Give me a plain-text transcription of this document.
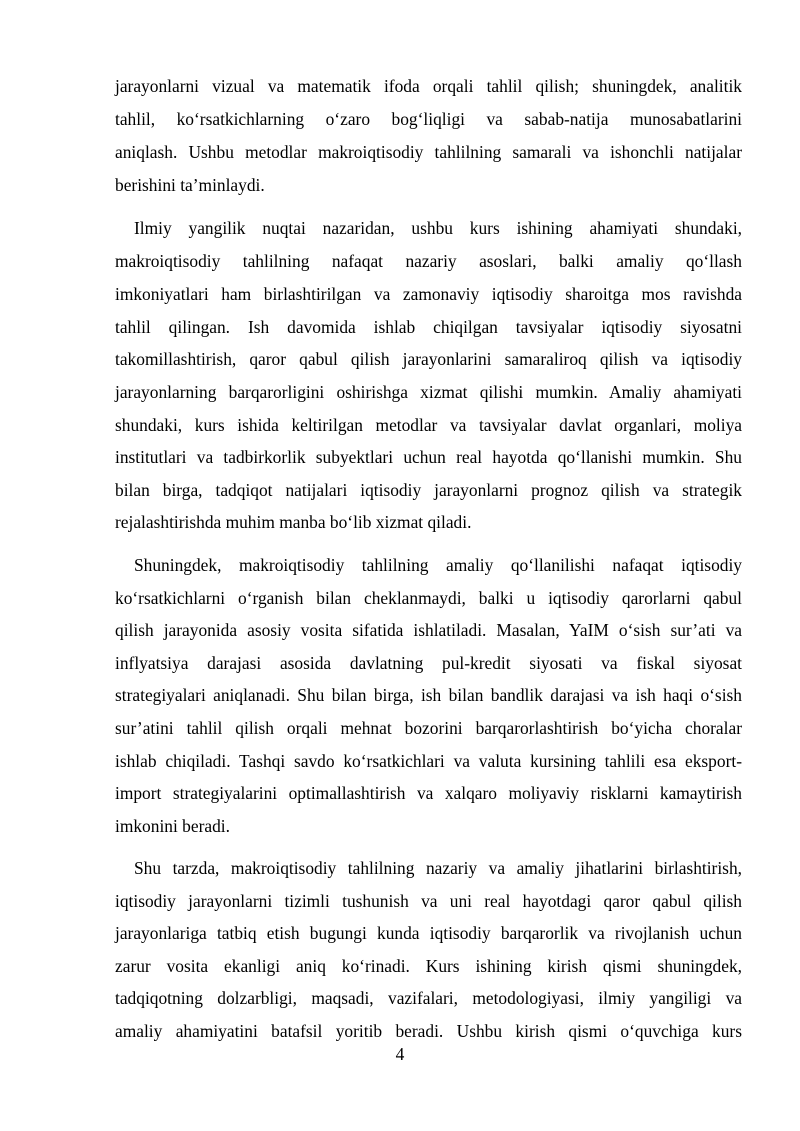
jarayonlarni vizual va matematik ifoda orqali tahlil qilish; shuningdek, analitik
tahlil, ko‘rsatkichlarning o‘zaro bog‘liqligi va sabab-natija munosabatlarini
aniqlash. Ushbu metodlar makroiqtisodiy tahlilning samarali va ishonchli natijalar
berishini ta’minlaydi.
Ilmiy yangilik nuqtai nazaridan, ushbu kurs ishining ahamiyati shundaki,
makroiqtisodiy tahlilning nafaqat nazariy asoslari, balki amaliy qo‘llash
imkoniyatlari ham birlashtirilgan va zamonaviy iqtisodiy sharoitga mos ravishda
tahlil qilingan. Ish davomida ishlab chiqilgan tavsiyalar iqtisodiy siyosatni
takomillashtirish, qaror qabul qilish jarayonlarini samaraliroq qilish va iqtisodiy
jarayonlarning barqarorligini oshirishga xizmat qilishi mumkin. Amaliy ahamiyati
shundaki, kurs ishida keltirilgan metodlar va tavsiyalar davlat organlari, moliya
institutlari va tadbirkorlik subyektlari uchun real hayotda qo‘llanishi mumkin. Shu
bilan birga, tadqiqot natijalari iqtisodiy jarayonlarni prognoz qilish va strategik
rejalashtirishda muhim manba bo‘lib xizmat qiladi.
Shuningdek, makroiqtisodiy tahlilning amaliy qo‘llanilishi nafaqat iqtisodiy
ko‘rsatkichlarni o‘rganish bilan cheklanmaydi, balki u iqtisodiy qarorlarni qabul
qilish jarayonida asosiy vosita sifatida ishlatiladi. Masalan, YaIM o‘sish sur’ati va
inflyatsiya darajasi asosida davlatning pul-kredit siyosati va fiskal siyosat
strategiyalari aniqlanadi. Shu bilan birga, ish bilan bandlik darajasi va ish haqi o‘sish
sur’atini tahlil qilish orqali mehnat bozorini barqarorlashtirish bo‘yicha choralar
ishlab chiqiladi. Tashqi savdo ko‘rsatkichlari va valuta kursining tahlili esa eksport-
import strategiyalarini optimallashtirish va xalqaro moliyaviy risklarni kamaytirish
imkonini beradi.
Shu tarzda, makroiqtisodiy tahlilning nazariy va amaliy jihatlarini birlashtirish,
iqtisodiy jarayonlarni tizimli tushunish va uni real hayotdagi qaror qabul qilish
jarayonlariga tatbiq etish bugungi kunda iqtisodiy barqarorlik va rivojlanish uchun
zarur vosita ekanligi aniq ko‘rinadi. Kurs ishining kirish qismi shuningdek,
tadqiqotning dolzarbligi, maqsadi, vazifalari, metodologiyasi, ilmiy yangiligi va
amaliy ahamiyatini batafsil yoritib beradi. Ushbu kirish qismi o‘quvchiga kurs
4
